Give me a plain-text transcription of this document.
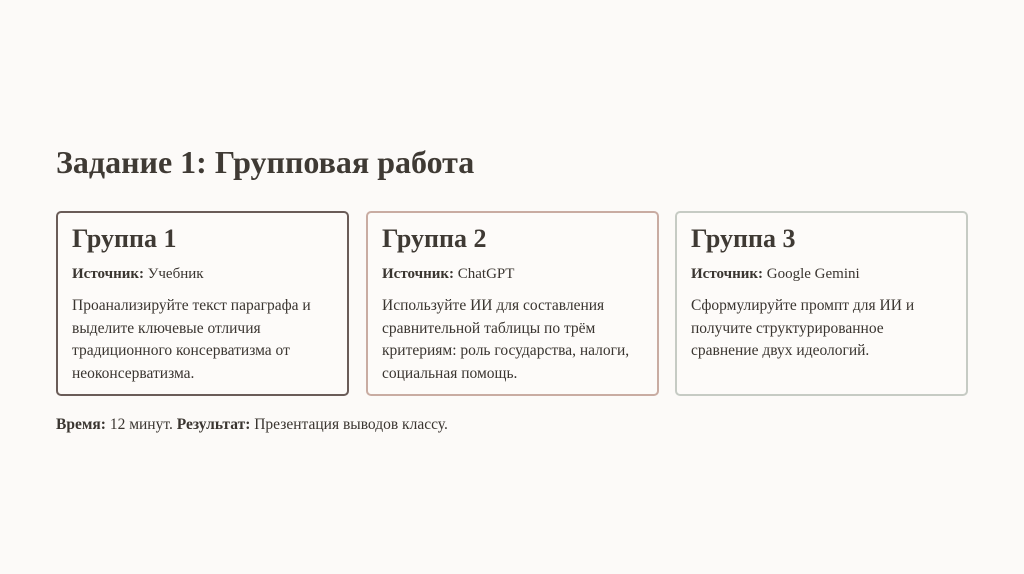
Задание 1: Групповая работа
Группа 1

Источник: Учебник

Проанализируйте текст параграфа и выделите ключевые отличия традиционного консерватизма от неоконсерватизма.

Группа 2

Источник: ChatGPT

Используйте ИИ для составления сравнительной таблицы по трём критериям: роль государства, налоги, социальная помощь.

Группа 3

Источник: Google Gemini

Сформулируйте промпт для ИИ и получите структурированное сравнение двух идеологий.

Время: 12 минут. Результат: Презентация выводов классу.
